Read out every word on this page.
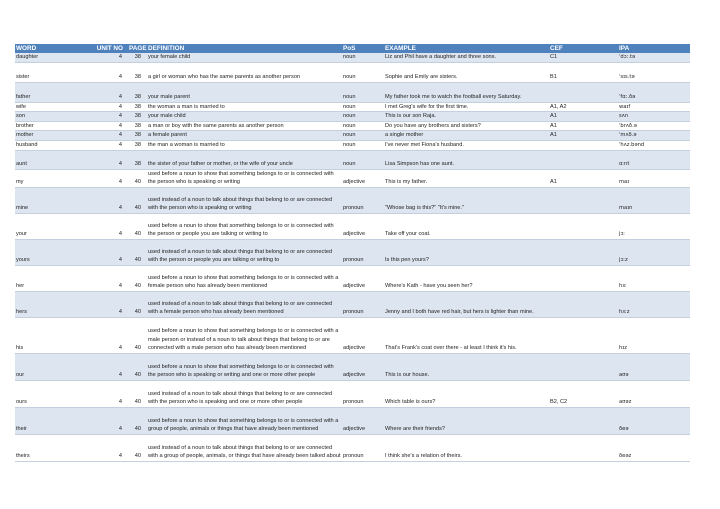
WORD	UNIT NO	PAGE	DEFINITION	PoS	EXAMPLE	CEF	IPA
daughter	4	38	your female child	noun	Liz and Phil have a daughter and three sons.	C1	ˈdɔː.tə
sister	4	38	a girl or woman who has the same parents as another person	noun	Sophie and Emily are sisters.	B1	ˈsɪs.tə
father	4	38	your male parent	noun	My father took me to watch the football every Saturday.		ˈfɑː.ðə
wife	4	38	the woman a man is married to	noun	I met Greg's wife for the first time.	A1, A2	waɪf
son	4	38	your male child	noun	This is our son Raja.	A1	sʌn
brother	4	38	a man or boy with the same parents as another person	noun	Do you have any brothers and sisters?	A1	ˈbrʌð.ə
mother	4	38	a female parent	noun	a single mother	A1	ˈmʌð.ə
husband	4	38	the man a woman is married to	noun	I've never met Fiona's husband.		ˈhʌz.bənd
aunt	4	38	the sister of your father or mother, or the wife of your uncle	noun	Lisa Simpson has one aunt.		ɑːnt
my	4	40	used before a noun to show that something belongs to or is connected with the person who is speaking or writing	adjective	This is my father.	A1	maɪ
mine	4	40	used instead of a noun to talk about things that belong to or are connected with the person who is speaking or writing	pronoun	"Whose bag is this?" "It's mine."		maɪn
your	4	40	used before a noun to show that something belongs to or is connected with the person or people you are talking or writing to	adjective	Take off your coat.		jɔː
yours	4	40	used instead of a noun to talk about things that belong to or are connected with the person or people you are talking or writing to	pronoun	Is this pen yours?		jɔːz
her	4	40	used before a noun to show that something belongs to or is connected with a female person who has already been mentioned	adjective	Where's Kath - have you seen her?		hɜː
hers	4	40	used instead of a noun to talk about things that belong to or are connected with a female person who has already been mentioned	pronoun	Jenny and I both have red hair, but hers is lighter than mine.		hɜːz
his	4	40	used before a noun to show that something belongs to or is connected with a male person or instead of a noun to talk about things that belong to or are connected with a male person who has already been mentioned	adjective	That's Frank's coat over there - at least I think it's his.		hɪz
our	4	40	used before a noun to show that something belongs to or is connected with the person who is speaking or writing and one or more other people	adjective	This is our house.		aʊə
ours	4	40	used instead of a noun to talk about things that belong to or are connected with the person who is speaking and one or more other people	pronoun	Which table is ours?	B2, C2	aʊəz
their	4	40	used before a noun to show that something belongs to or is connected with a group of people, animals or things that have already been mentioned	adjective	Where are their friends?		ðeə
theirs	4	40	used instead of a noun to talk about things that belong to or are connected with a group of people, animals, or things that have already been talked about	pronoun	I think she's a relation of theirs.		ðeəz
